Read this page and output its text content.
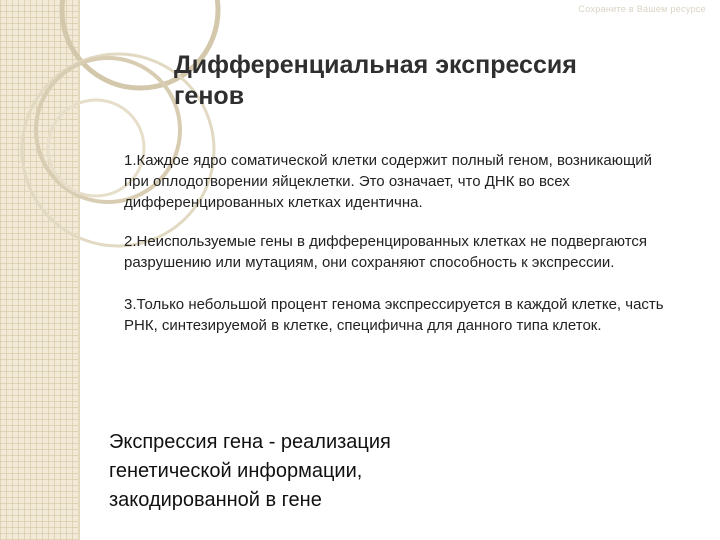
Сохраните в Вашем ресурсе
Дифференциальная экспрессия
генов

1.Каждое ядро соматической клетки содержит полный геном, возникающий при оплодотворении яйцеклетки. Это означает, что ДНК во всех дифференцированных клетках идентична.

2.Неиспользуемые гены в дифференцированных клетках не подвергаются разрушению или мутациям, они сохраняют способность к экспрессии.

3.Только небольшой процент генома экспрессируется в каждой клетке, часть РНК, синтезируемой в клетке, специфична для данного типа клеток.

Экспрессия гена - реализация генетической информации, закодированной в гене
